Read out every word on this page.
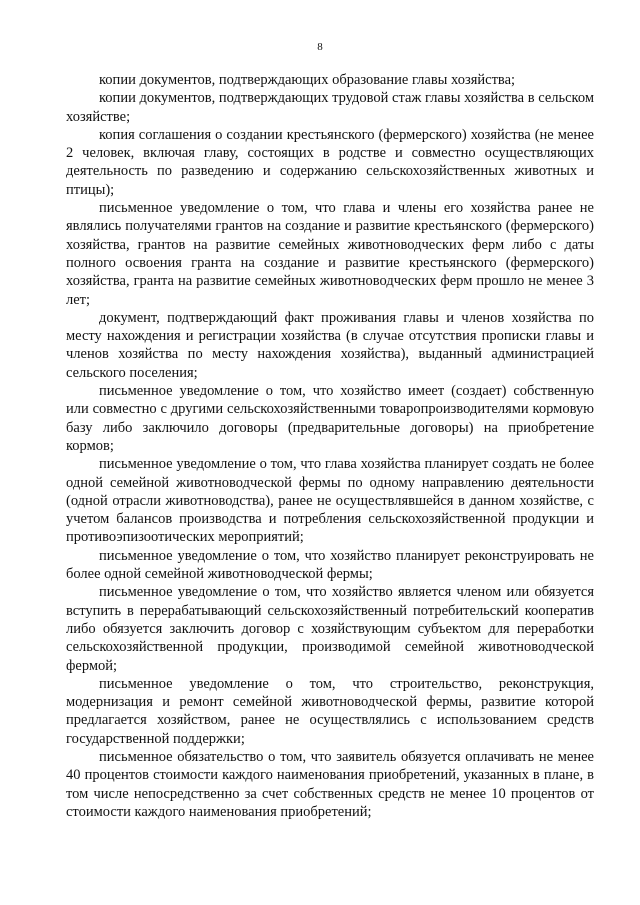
8

копии документов, подтверждающих образование главы хозяйства;

копии документов, подтверждающих трудовой стаж главы хозяйства в сельском хозяйстве;

копия соглашения о создании крестьянского (фермерского) хозяйства (не менее 2 человек, включая главу, состоящих в родстве и совместно осуществляющих деятельность по разведению и содержанию сельскохозяйственных животных и птицы);

письменное уведомление о том, что глава и члены его хозяйства ранее не являлись получателями грантов на создание и развитие крестьянского (фермерского) хозяйства, грантов на развитие семейных животноводческих ферм либо с даты полного освоения гранта на создание и развитие крестьянского (фермерского) хозяйства, гранта на развитие семейных животноводческих ферм прошло не менее 3 лет;

документ, подтверждающий факт проживания главы и членов хозяйства по месту нахождения и регистрации хозяйства (в случае отсутствия прописки главы и членов хозяйства по месту нахождения хозяйства), выданный администрацией сельского поселения;

письменное уведомление о том, что хозяйство имеет (создает) собственную или совместно с другими сельскохозяйственными товаропроизводителями кормовую базу либо заключило договоры (предварительные договоры) на приобретение кормов;

письменное уведомление о том, что глава хозяйства планирует создать не более одной семейной животноводческой фермы по одному направлению деятельности (одной отрасли животноводства), ранее не осуществлявшейся в данном хозяйстве, с учетом балансов производства и потребления сельскохозяйственной продукции и противоэпизоотических мероприятий;

письменное уведомление о том, что хозяйство планирует реконструировать не более одной семейной животноводческой фермы;

письменное уведомление о том, что хозяйство является членом или обязуется вступить в перерабатывающий сельскохозяйственный потребительский кооператив либо обязуется заключить договор с хозяйствующим субъектом для переработки сельскохозяйственной продукции, производимой семейной животноводческой фермой;

письменное уведомление о том, что строительство, реконструкция, модернизация и ремонт семейной животноводческой фермы, развитие которой предлагается хозяйством, ранее не осуществлялись с использованием средств государственной поддержки;

письменное обязательство о том, что заявитель обязуется оплачивать не менее 40 процентов стоимости каждого наименования приобретений, указанных в плане, в том числе непосредственно за счет собственных средств не менее 10 процентов от стоимости каждого наименования приобретений;
